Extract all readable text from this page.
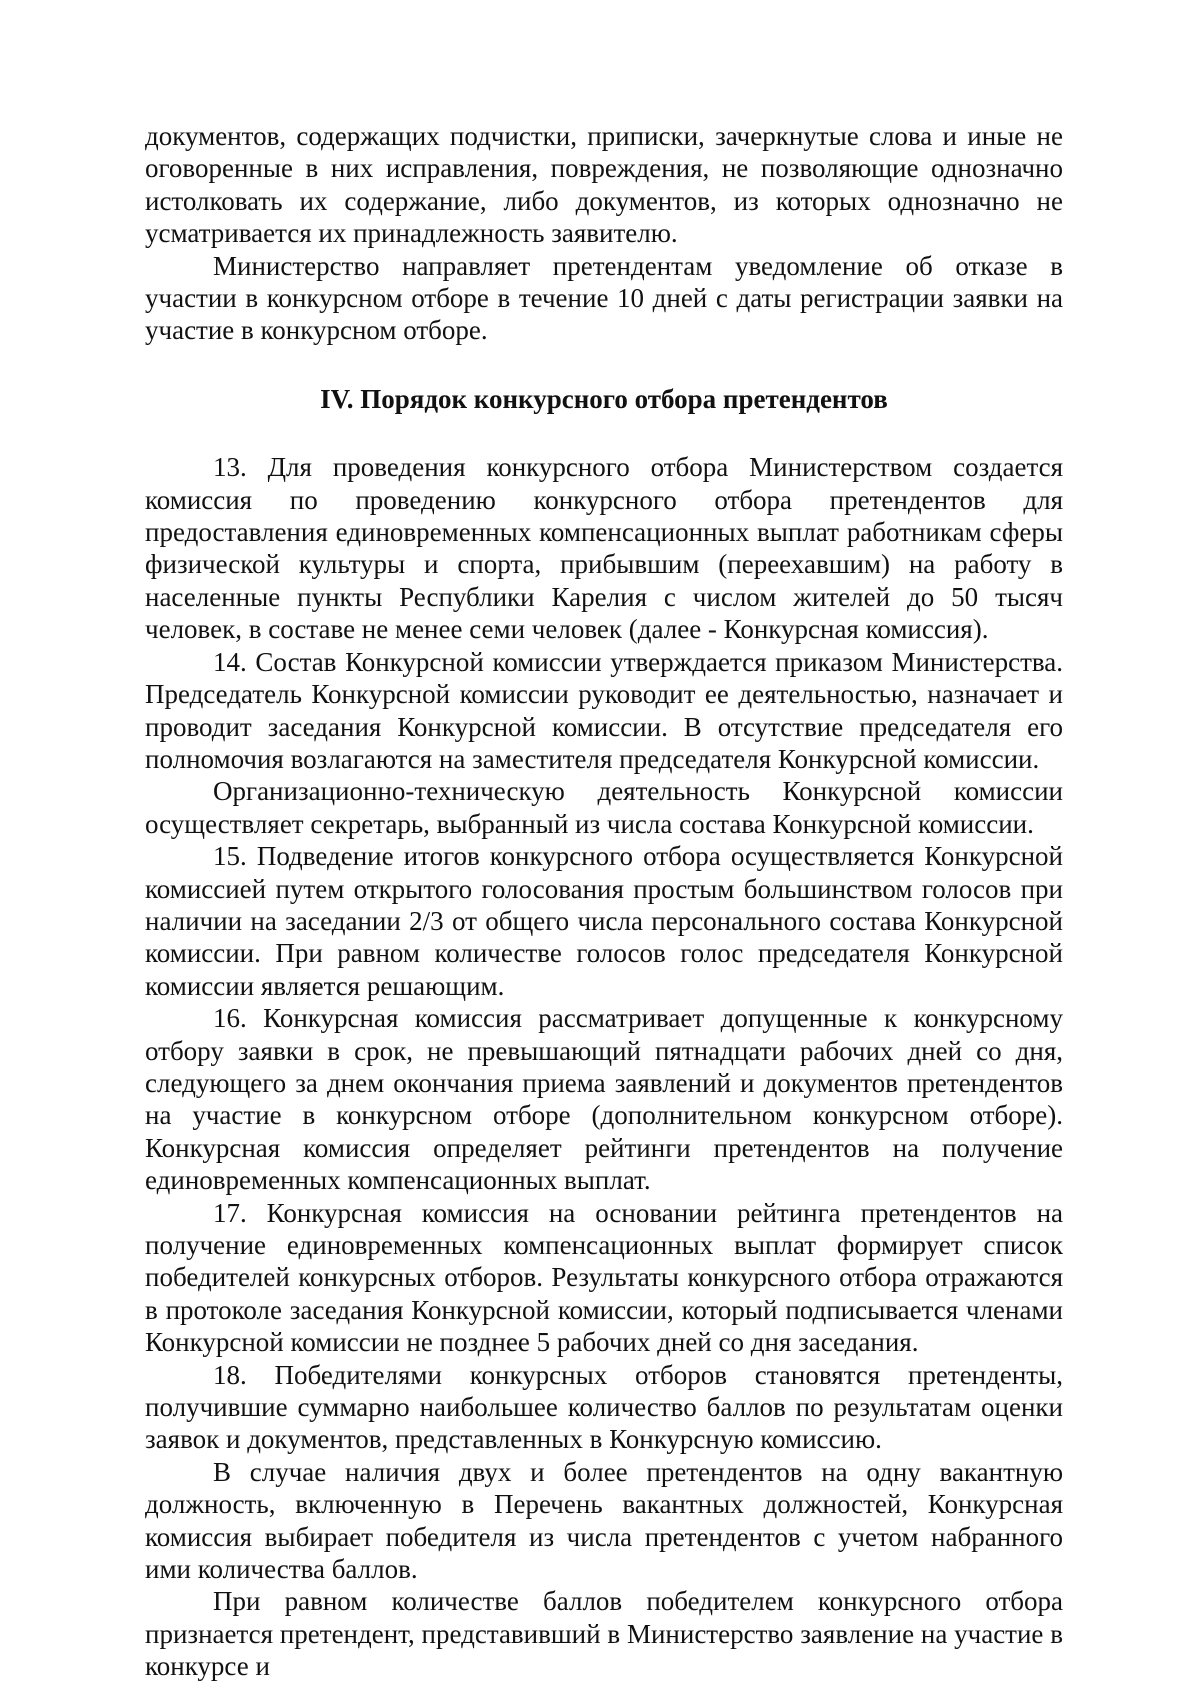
документов, содержащих подчистки, приписки, зачеркнутые слова и иные не оговоренные в них исправления, повреждения, не позволяющие однозначно истолковать их содержание, либо документов, из которых однозначно не усматривается их принадлежность заявителю.

Министерство направляет претендентам уведомление об отказе в участии в конкурсном отборе в течение 10 дней с даты регистрации заявки на участие в конкурсном отборе.

IV. Порядок конкурсного отбора претендентов

13. Для проведения конкурсного отбора Министерством создается комиссия по проведению конкурсного отбора претендентов для предоставления единовременных компенсационных выплат работникам сферы физической культуры и спорта, прибывшим (переехавшим) на работу в населенные пункты Республики Карелия с числом жителей до 50 тысяч человек, в составе не менее семи человек (далее - Конкурсная комиссия).

14. Состав Конкурсной комиссии утверждается приказом Министерства. Председатель Конкурсной комиссии руководит ее деятельностью, назначает и проводит заседания Конкурсной комиссии. В отсутствие председателя его полномочия возлагаются на заместителя председателя Конкурсной комиссии.

Организационно-техническую деятельность Конкурсной комиссии осуществляет секретарь, выбранный из числа состава Конкурсной комиссии.

15. Подведение итогов конкурсного отбора осуществляется Конкурсной комиссией путем открытого голосования простым большинством голосов при наличии на заседании 2/3 от общего числа персонального состава Конкурсной комиссии. При равном количестве голосов голос председателя Конкурсной комиссии является решающим.

16. Конкурсная комиссия рассматривает допущенные к конкурсному отбору заявки в срок, не превышающий пятнадцати рабочих дней со дня, следующего за днем окончания приема заявлений и документов претендентов на участие в конкурсном отборе (дополнительном конкурсном отборе). Конкурсная комиссия определяет рейтинги претендентов на получение единовременных компенсационных выплат.

17. Конкурсная комиссия на основании рейтинга претендентов на получение единовременных компенсационных выплат формирует список победителей конкурсных отборов. Результаты конкурсного отбора отражаются в протоколе заседания Конкурсной комиссии, который подписывается членами Конкурсной комиссии не позднее 5 рабочих дней со дня заседания.

18. Победителями конкурсных отборов становятся претенденты, получившие суммарно наибольшее количество баллов по результатам оценки заявок и документов, представленных в Конкурсную комиссию.

В случае наличия двух и более претендентов на одну вакантную должность, включенную в Перечень вакантных должностей, Конкурсная комиссия выбирает победителя из числа претендентов с учетом набранного ими количества баллов.

При равном количестве баллов победителем конкурсного отбора признается претендент, представивший в Министерство заявление на участие в конкурсе и
